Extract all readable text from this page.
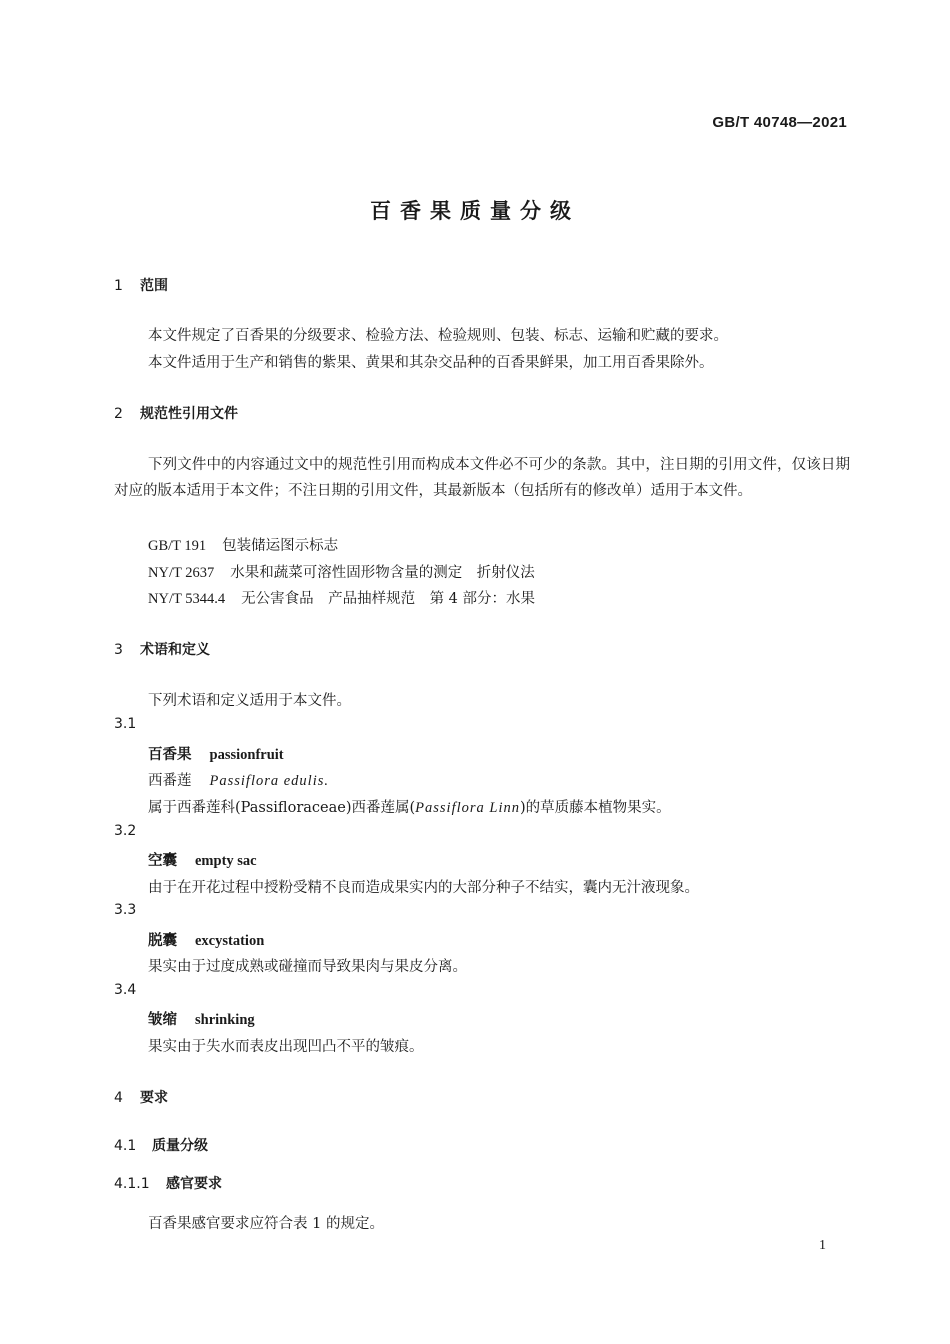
GB/T 40748—2021
百香果质量分级
1 范围
本文件规定了百香果的分级要求、检验方法、检验规则、包装、标志、运输和贮藏的要求。
本文件适用于生产和销售的紫果、黄果和其杂交品种的百香果鲜果，加工用百香果除外。
2 规范性引用文件
下列文件中的内容通过文中的规范性引用而构成本文件必不可少的条款。其中，注日期的引用文件，仅该日期对应的版本适用于本文件；不注日期的引用文件，其最新版本（包括所有的修改单）适用于本文件。
GB/T 191 包装储运图示标志
NY/T 2637 水果和蔬菜可溶性固形物含量的测定　折射仪法
NY/T 5344.4 无公害食品　产品抽样规范　第 4 部分：水果
3 术语和定义
下列术语和定义适用于本文件。
3.1
百香果 passionfruit
西番莲 Passiflora edulis.
属于西番莲科(Passifloraceae)西番莲属(Passiflora Linn)的草质藤本植物果实。
3.2
空囊 empty sac
由于在开花过程中授粉受精不良而造成果实内的大部分种子不结实，囊内无汁液现象。
3.3
脱囊 excystation
果实由于过度成熟或碰撞而导致果肉与果皮分离。
3.4
皱缩 shrinking
果实由于失水而表皮出现凹凸不平的皱痕。
4 要求
4.1 质量分级
4.1.1 感官要求
百香果感官要求应符合表 1 的规定。
1
